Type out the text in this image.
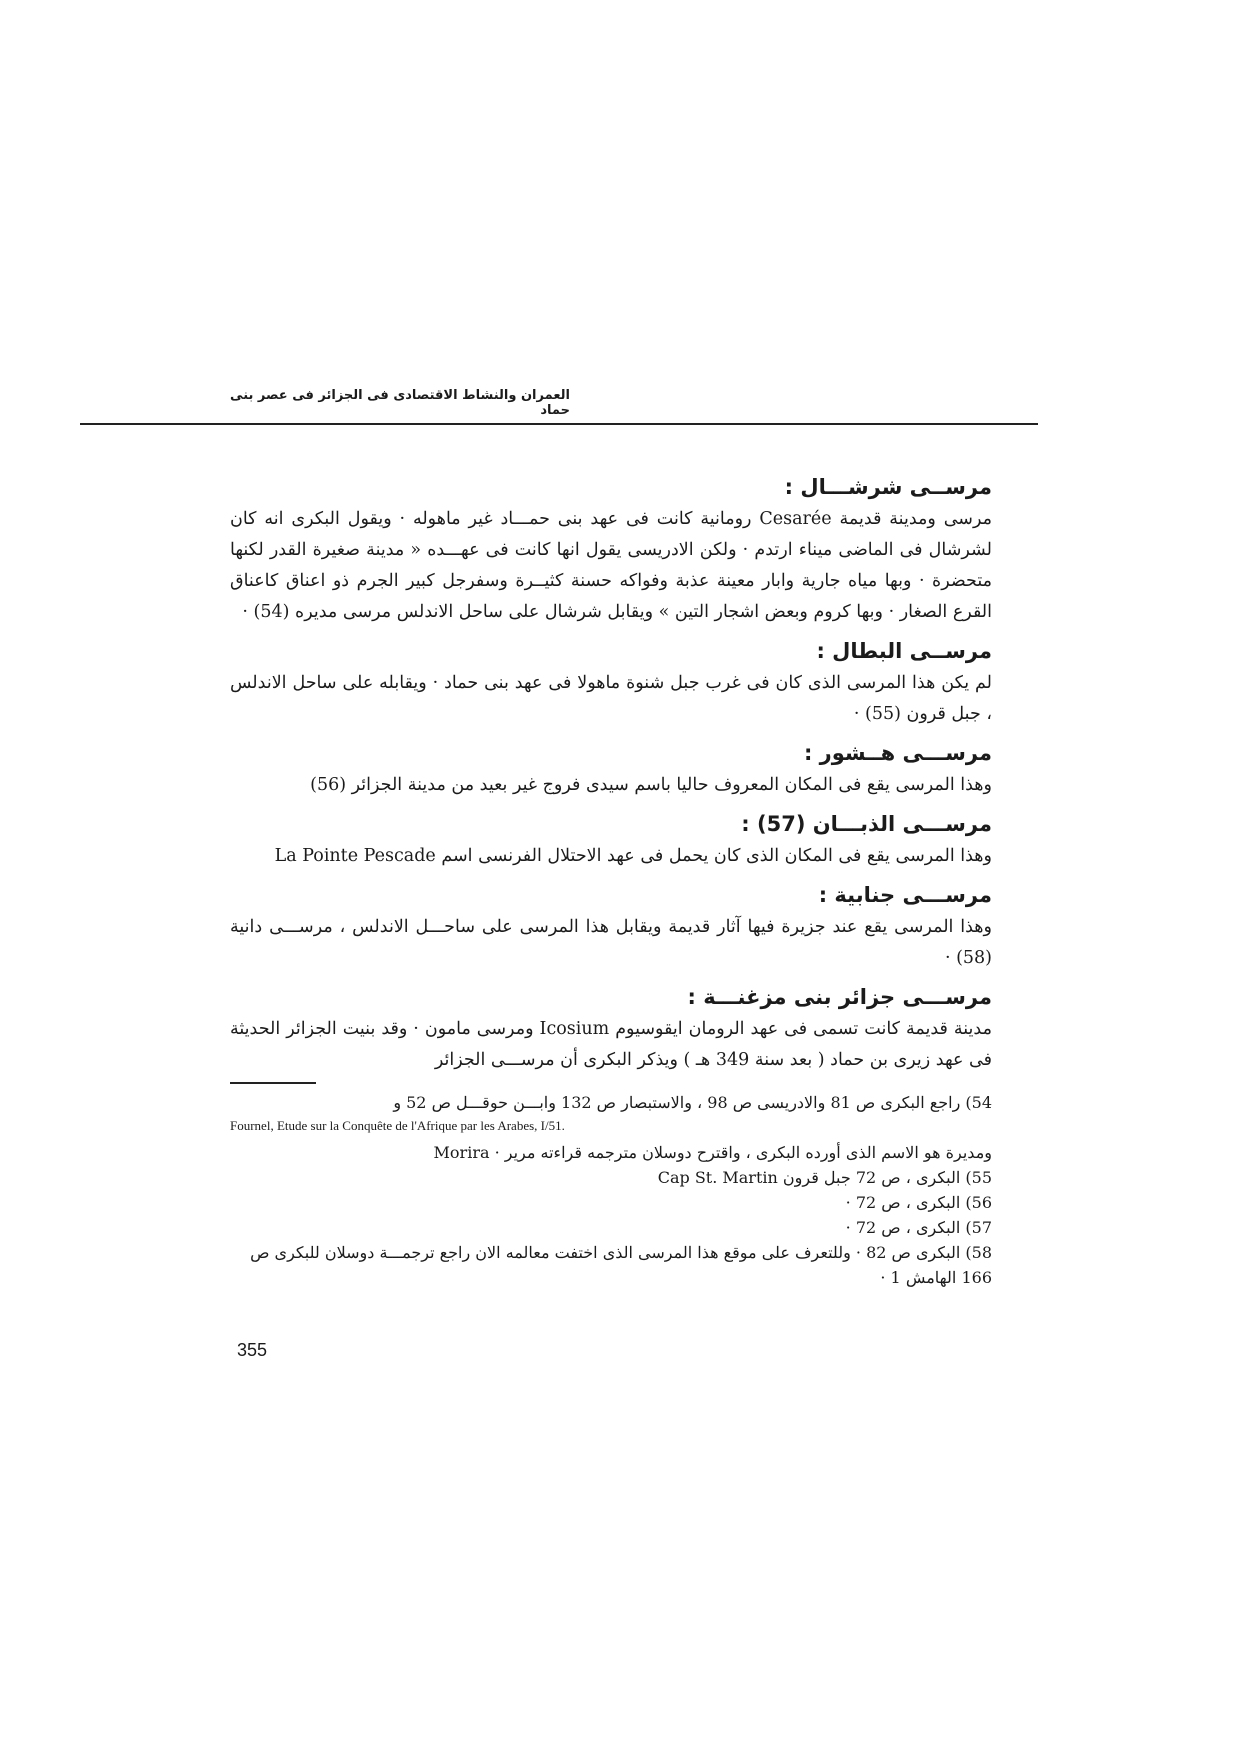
العمران والنشاط الاقتصادى فى الجزائر فى عصر بنى حماد
مرســى شرشـــال :

مرسى ومدينة قديمة Cesarée رومانية كانت فى عهد بنى حمـــاد غير ماهوله · ويقول البكرى انه كان لشرشال فى الماضى ميناء ارتدم · ولكن الادريسى يقول انها كانت فى عهـــده « مدينة صغيرة القدر لكنها متحضرة · وبها مياه جارية وابار معينة عذبة وفواكه حسنة كثيــرة وسفرجل كبير الجرم ذو اعناق كاعناق القرع الصغار · وبها كروم وبعض اشجار التين » ويقابل شرشال على ساحل الاندلس مرسى مديره (54) ·

مرســى البطال :

لم يكن هذا المرسى الذى كان فى غرب جبل شنوة ماهولا فى عهد بنى حماد · ويقابله على ساحل الاندلس ، جبل قرون (55) ·

مرســـى هــشور :

وهذا المرسى يقع فى المكان المعروف حاليا باسم سيدى فروج غير بعيد من مدينة الجزائر (56)

مرســـى الذبـــان (57) :

وهذا المرسى يقع فى المكان الذى كان يحمل فى عهد الاحتلال الفرنسى اسم La Pointe Pescade

مرســـى جنابية :

وهذا المرسى يقع عند جزيرة فيها آثار قديمة ويقابل هذا المرسى على ساحـــل الاندلس ، مرســـى دانية (58) ·

مرســـى جزائر بنى مزغنـــة :

مدينة قديمة كانت تسمى فى عهد الرومان ايقوسيوم Icosium ومرسى مامون · وقد بنيت الجزائر الحديثة فى عهد زيرى بن حماد ( بعد سنة 349 هـ ) ويذكر البكرى أن مرســـى الجزائر

54) راجع البكرى ص 81 والادريسى ص 98 ، والاستبصار ص 132 وابـــن حوقـــل ص 52 و

Fournel, Etude sur la Conquête de l'Afrique par les Arabes, I/51.

ومديرة هو الاسم الذى أورده البكرى ، واقترح دوسلان مترجمه قراءته مرير · Morira

55) البكرى ، ص 72 جبل قرون Cap St. Martin

56) البكرى ، ص 72 ·

57) البكرى ، ص 72 ·

58) البكرى ص 82 · وللتعرف على موقع هذا المرسى الذى اختفت معالمه الان راجع ترجمـــة دوسلان للبكرى ص 166 الهامش 1 ·

355
